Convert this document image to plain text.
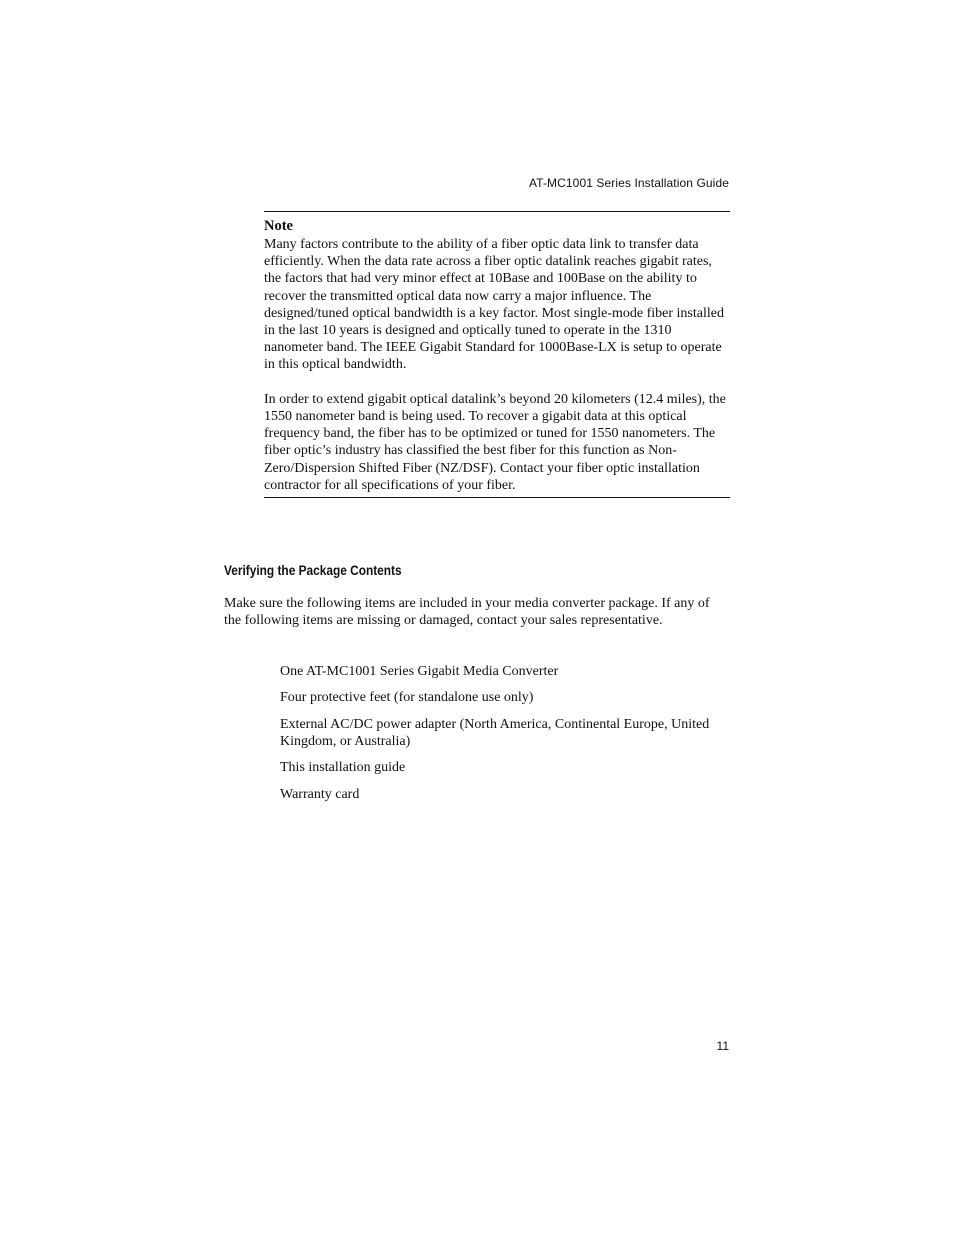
AT-MC1001 Series Installation Guide
Note

Many factors contribute to the ability of a fiber optic data link to transfer data efficiently. When the data rate across a fiber optic datalink reaches gigabit rates, the factors that had very minor effect at 10Base and 100Base on the ability to recover the transmitted optical data now carry a major influence. The designed/tuned optical bandwidth is a key factor. Most single-mode fiber installed in the last 10 years is designed and optically tuned to operate in the 1310 nanometer band. The IEEE Gigabit Standard for 1000Base-LX is setup to operate in this optical bandwidth.

In order to extend gigabit optical datalink’s beyond 20 kilometers (12.4 miles), the 1550 nanometer band is being used. To recover a gigabit data at this optical frequency band, the fiber has to be optimized or tuned for 1550 nanometers. The fiber optic’s industry has classified the best fiber for this function as Non-Zero/Dispersion Shifted Fiber (NZ/DSF). Contact your fiber optic installation contractor for all specifications of your fiber.

Verifying the Package Contents

Make sure the following items are included in your media converter package. If any of the following items are missing or damaged, contact your sales representative.

One AT-MC1001 Series Gigabit Media Converter
Four protective feet (for standalone use only)
External AC/DC power adapter (North America, Continental Europe, United Kingdom, or Australia)
This installation guide
Warranty card
11
